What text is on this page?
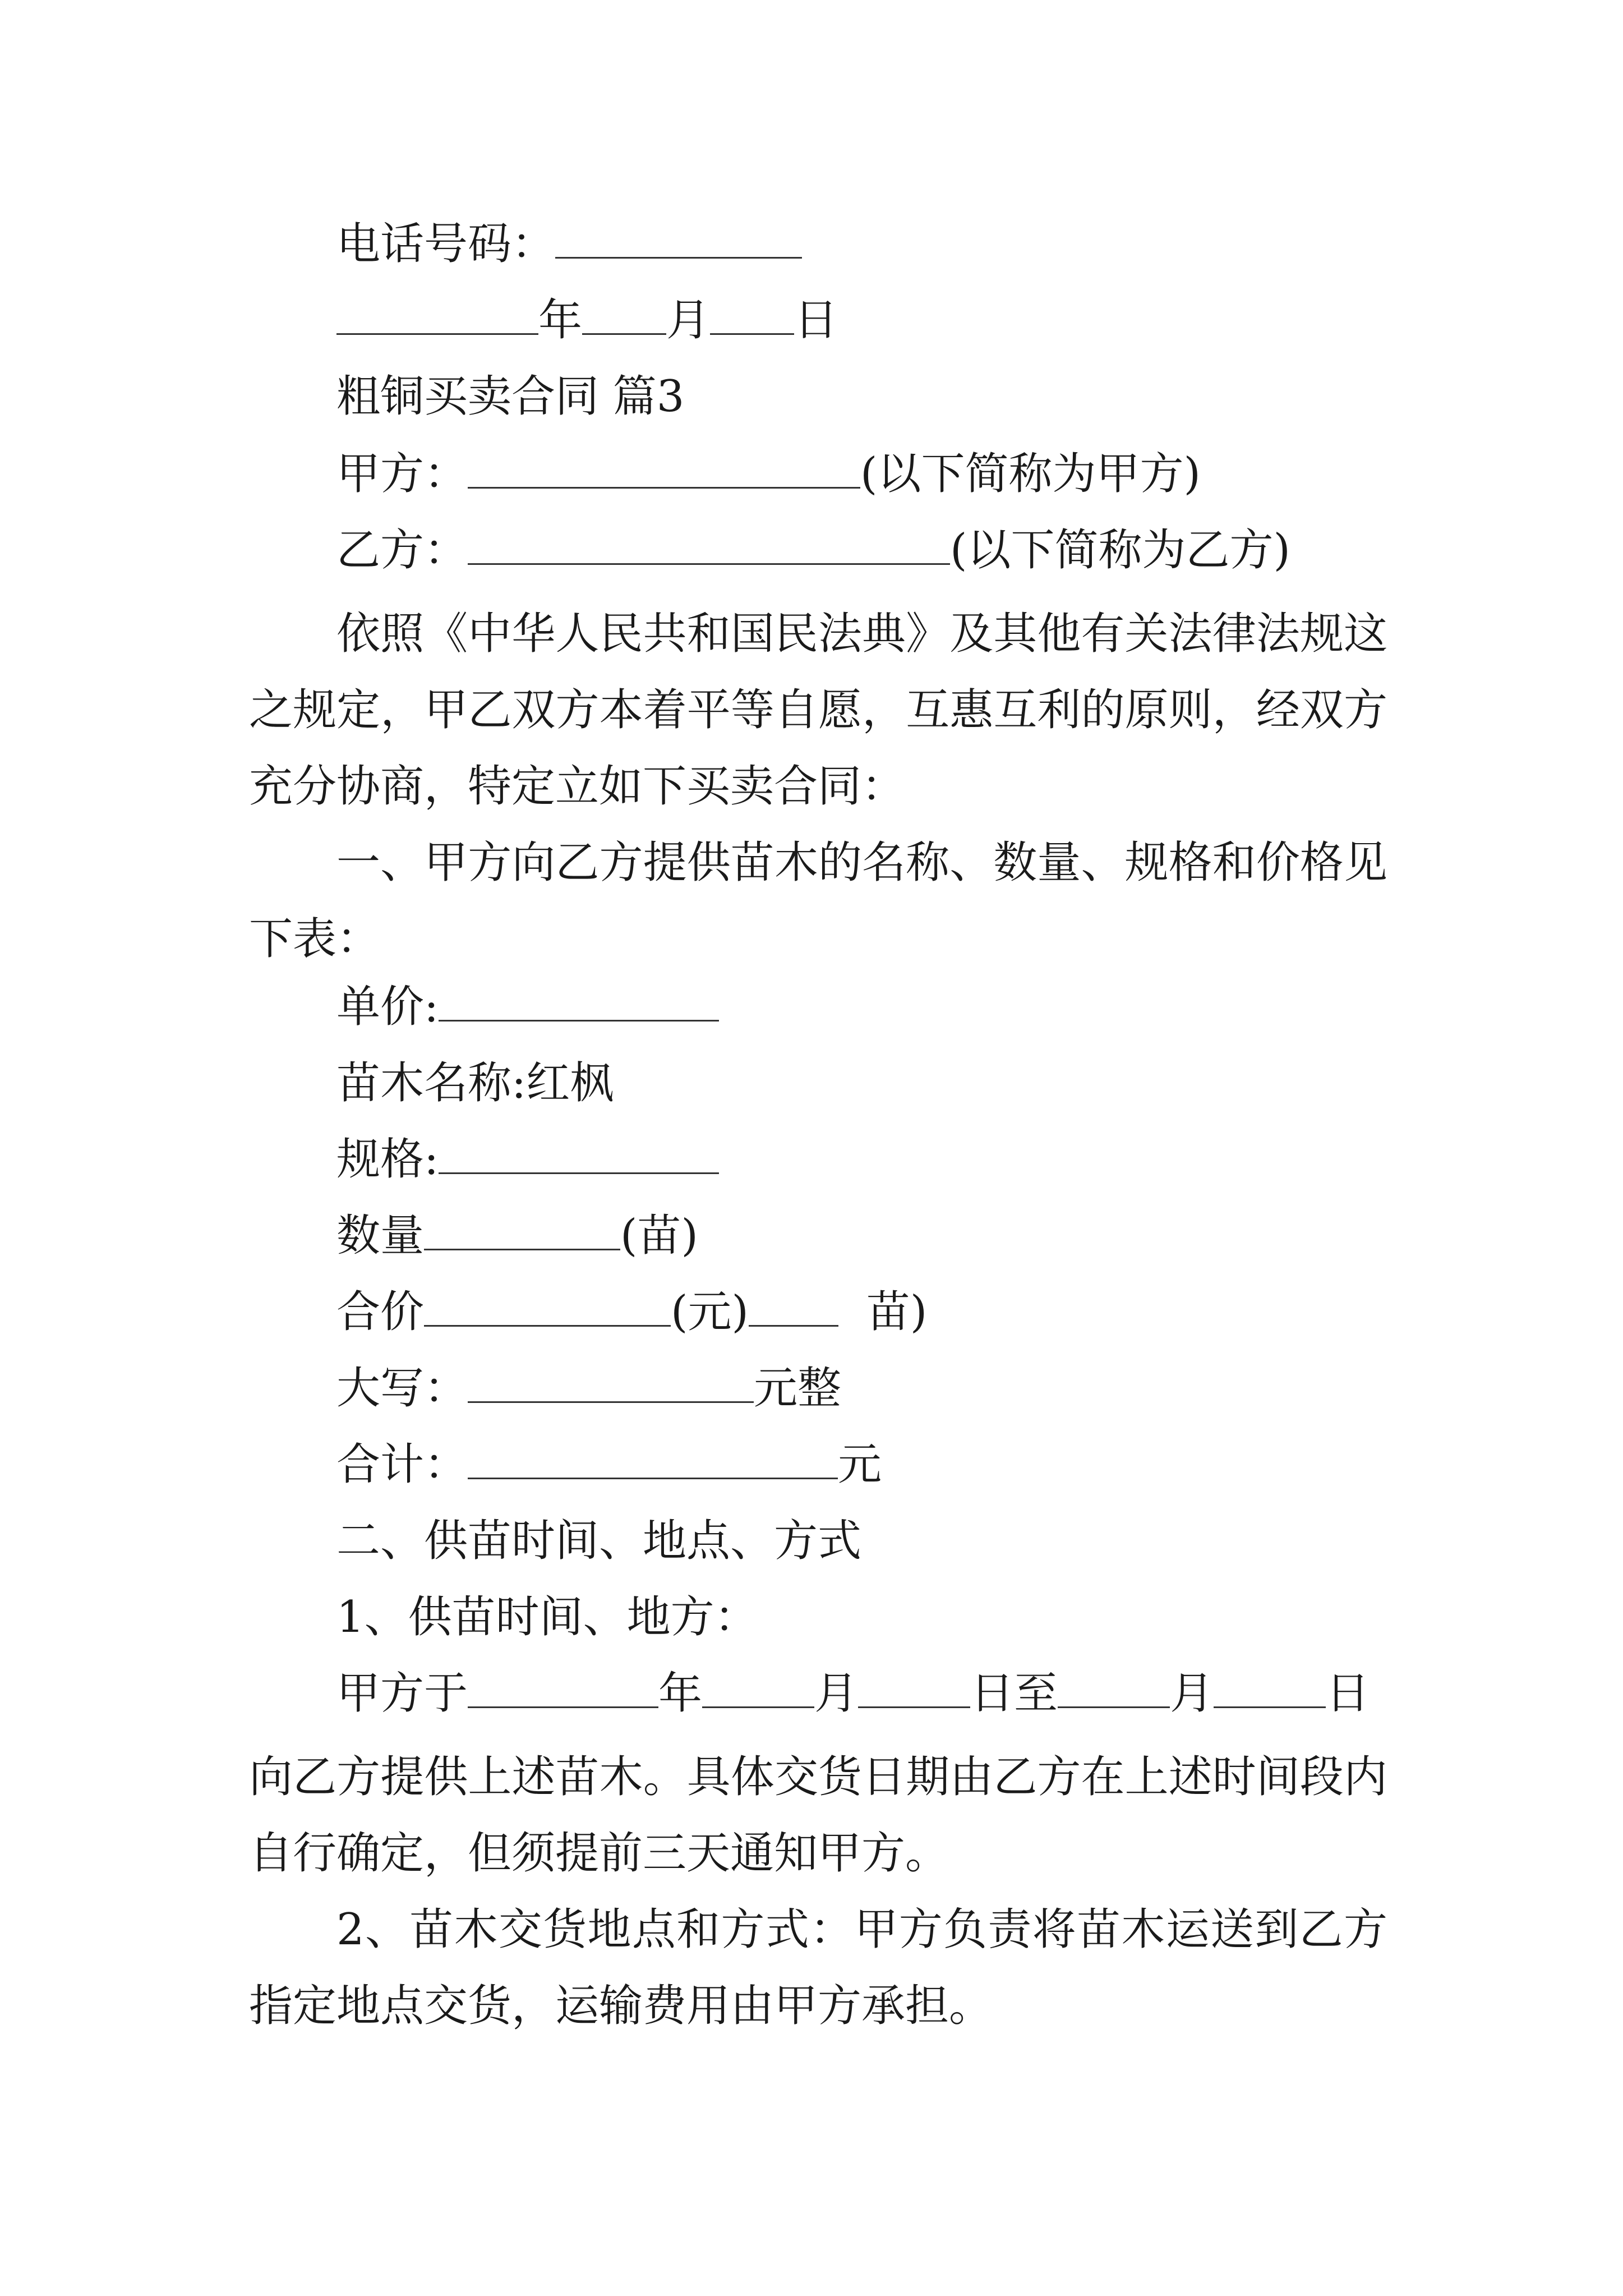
电话号码：
年 月 日
粗铜买卖合同 篇3
甲方：	(以下简称为甲方)
乙方：	(以下简称为乙方)
依照《中华人民共和国民法典》及其他有关法律法规这之规定，甲乙双方本着平等自愿，互惠互利的原则，经双方充分协商，特定立如下买卖合同：
一、甲方向乙方提供苗木的名称、数量、规格和价格见下表：
单价:
苗木名称:红枫
规格:
数量	(苗)
合价	(元)	苗)
大写：	元整
合计：	元
二、供苗时间、地点、方式
1、供苗时间、地方：
甲方于	年	月	日至	月	日
向乙方提供上述苗木。具体交货日期由乙方在上述时间段内自行确定，但须提前三天通知甲方。
2、苗木交货地点和方式：甲方负责将苗木运送到乙方指定地点交货，运输费用由甲方承担。
